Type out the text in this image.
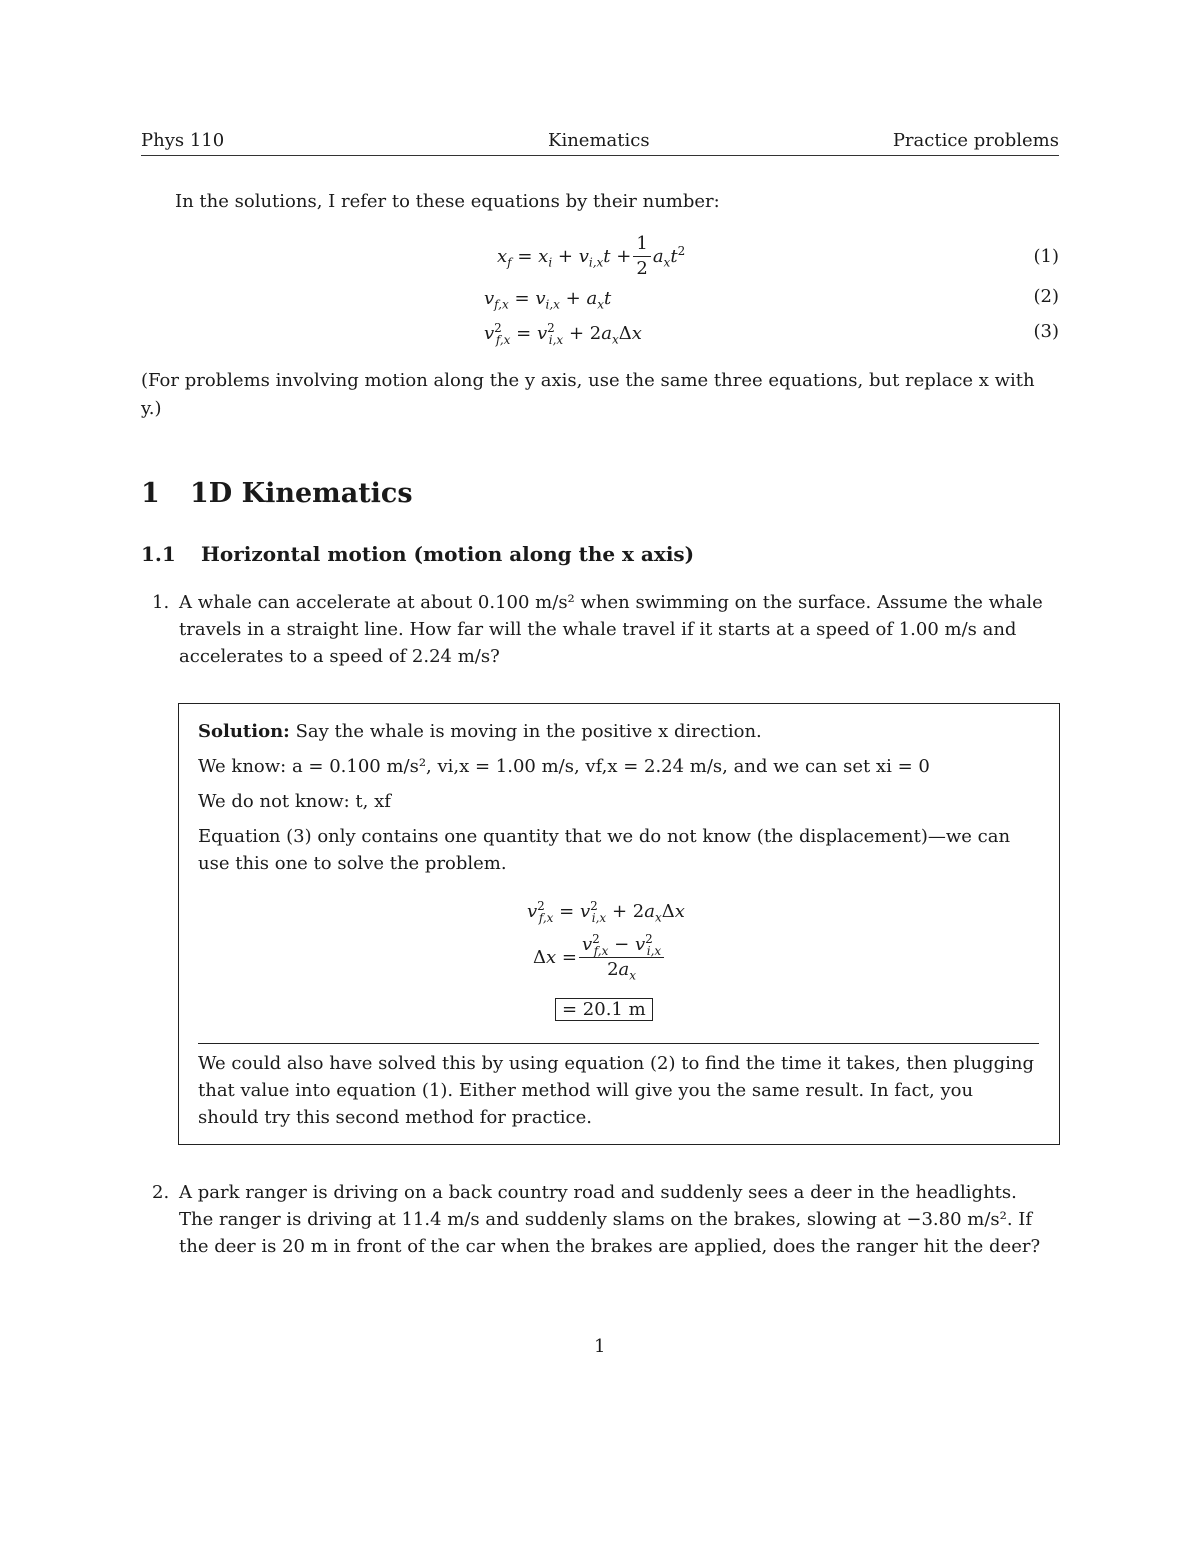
Phys 110	Kinematics	Practice problems
In the solutions, I refer to these equations by their number:
$x_f = x_i + v_{i,x}t + \frac{1}{2} a_xt^2$	(1)
$v_{f,x} = v_{i,x} + a_xt$	(2)
$v^2_{f,x} = v^2_{i,x} + 2a_x\Delta x$	(3)
(For problems involving motion along the y axis, use the same three equations, but replace x with
y.)
1 1D Kinematics
1.1 Horizontal motion (motion along the x axis)
1. A whale can accelerate at about 0.100 m/s² when swimming on the surface. Assume the whale
travels in a straight line. How far will the whale travel if it starts at a speed of 1.00 m/s and
accelerates to a speed of 2.24 m/s?
Solution: Say the whale is moving in the positive x direction.
We know: a = 0.100 m/s², vi,x = 1.00 m/s, vf,x = 2.24 m/s, and we can set xi = 0
We do not know: t, xf
Equation (3) only contains one quantity that we do not know (the displacement)—we can
use this one to solve the problem.
$v^2_{f,x} = v^2_{i,x} + 2a_x\Delta x$
$\Delta x = \frac{v^2_{f,x} - v^2_{i,x}}{2a_x}$
= 20.1 m
We could also have solved this by using equation (2) to find the time it takes, then plugging
that value into equation (1). Either method will give you the same result. In fact, you
should try this second method for practice.
2. A park ranger is driving on a back country road and suddenly sees a deer in the headlights.
The ranger is driving at 11.4 m/s and suddenly slams on the brakes, slowing at −3.80 m/s². If
the deer is 20 m in front of the car when the brakes are applied, does the ranger hit the deer?
1
